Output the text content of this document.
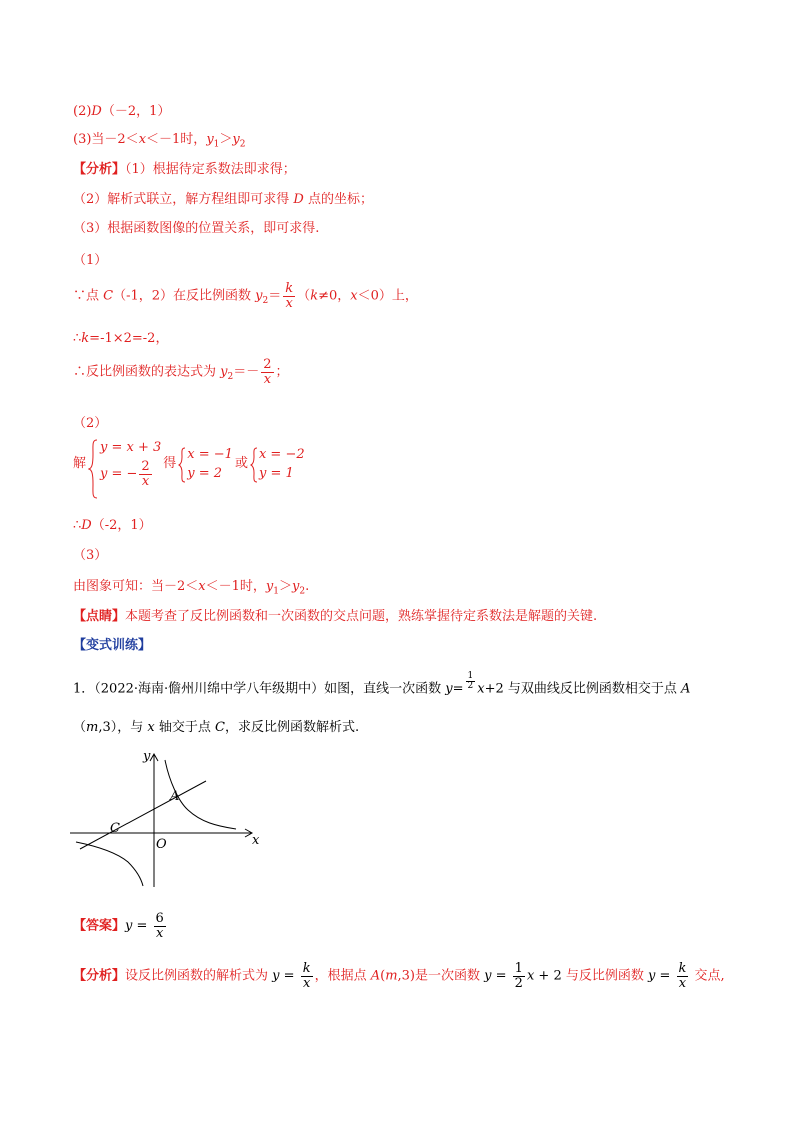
(2)D（－2，1）
(3)当－2＜x＜－1时，$y_1>y_2$
【分析】（1）根据待定系数法即求得；
（2）解析式联立，解方程组即可求得 D 点的坐标；
（3）根据函数图像的位置关系，即可求得.
（1）
∵点 C（-1，2）在反比例函数 $y_2= \frac{k}{x} (k\ne 0$，x＜0）上，
∴k=-1×2=-2，
∴反比例函数的表达式为 $y_2=- \frac{2}{x}$ ；
（2）
解
y = x + 3
y = − $\frac{2}{x}$ 得
x = −1
y = 2
或
x = −2
y = 1
∴D（-2，1）
（3）
由图象可知：当－2＜x＜－1时，$y_1>y_2$.
【点睛】本题考查了反比例函数和一次函数的交点问题，熟练掌握待定系数法是解题的关键.
【变式训练】
1．（2022·海南·儋州川绵中学八年级期中）如图，直线一次函数 $y= \frac{1}{2} x+2$ 与双曲线反比例函数相交于点 A
（m,3），与 x 轴交于点 C，求反比例函数解析式.
y
x
A
C
O
【答案】$y = \frac{6}{x}$
【分析】设反比例函数的解析式为 $y = \frac{k}{x}$ ，根据点 A(m,3)是一次函数 $y = \frac{1}{2}$ x + 2 与反比例函数 $y = \frac{k}{x}$ 交点,
